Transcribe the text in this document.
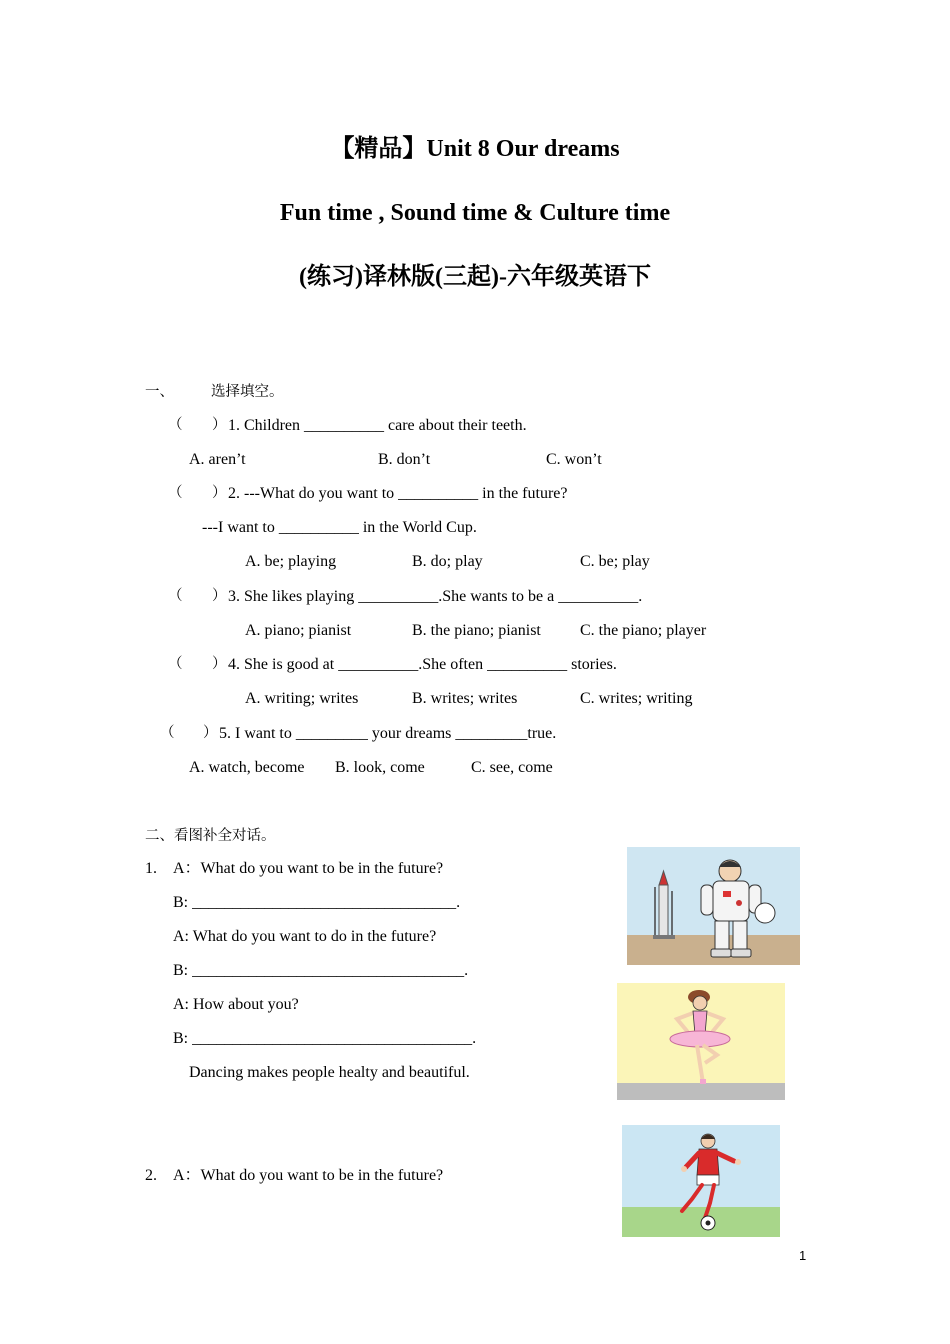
【精品】Unit 8 Our dreams
Fun time , Sound time & Culture time
(练习)译林版(三起)-六年级英语下
一、	选择填空。
（ ） 1. Children __________ care about their teeth.
A. aren’t	B. don’t	C. won’t
（ ） 2. ---What do you want to __________ in the future?
---I want to __________ in the World Cup.
A. be; playing	B. do; play	C. be; play
（ ） 3. She likes playing __________.She wants to be a __________.
A. piano; pianist	B. the piano; pianist C. the piano; player
（ ） 4. She is good at __________.She often __________ stories.
A. writing; writes	B. writes; writes	C. writes; writing
（ ） 5. I want to _________ your dreams _________true.
A. watch, become B. look, come	C. see, come
二、看图补全对话。
1. A：What do you want to be in the future?
B: _________________________________.
A: What do you want to do in the future?
B: __________________________________.
A: How about you?
B: ___________________________________.
Dancing makes people healty and beautiful.
2. A：What do you want to be in the future?
1
